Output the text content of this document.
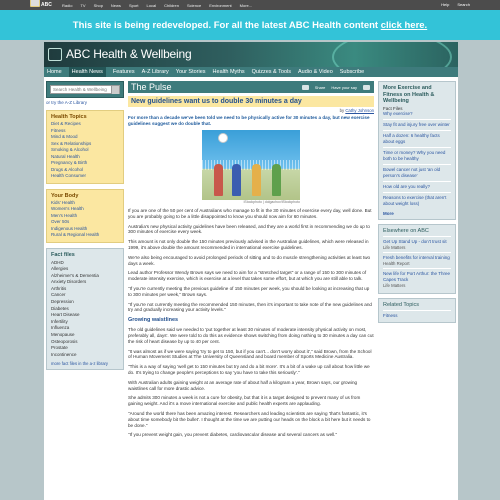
ABC	Radio TV Shop News Sport Local Children Science Environment More...	Help Search
This site is being redeveloped. For all the latest ABC Health content
click here.
ABC Health & Wellbeing
Home	Health News	Features A-Z Library Your Stories Health Myths Quizzes & Tools Audio & Video Subscribe
Search Health & Wellbeing
or try the A-Z Library
Health Topics
Diet & Recipes
Fitness
Mind & Mood
Sex & Relationships
Smoking & Alcohol
Natural Health
Pregnancy & Birth
Drugs & Alcohol
Health Consumer
Your Body
Kids' Health
Women's Health
Men's Health
Over 50s
Indigenous Health
Rural & Regional Health
Fact files
ADHD
Allergies
Alzheimer's & Dementia
Anxiety Disorders
Arthritis
Cancer
Depression
Diabetes
Heart Disease
Infertility
Influenza
Menopause
Osteoporosis
Prostate
Incontinence
more fact files in the a-z library
The Pulse	Share Have your say
New guidelines want us to double 30 minutes a day
by Cathy Johnson
For more than a decade we've been told we need to be physically active for 30 minutes a day, but new exercise guidelines suggest we do double that.
iStockphoto | dolgachov/iStockphoto

If you are one of the 50 per cent of Australians who manage to fit in the 30 minutes of exercise every day, well done. But you are probably going to be a little disappointed to know you should now aim for 60 minutes.

Australia's new physical activity guidelines have been released, and they are a world first in recommending we do up to 300 minutes of exercise every week.

This amount is not only double the 150 minutes previously advised in the Australian guidelines, which were released in 1999, it's above double the amount recommended in international exercise guidelines.

We're also being encouraged to avoid prolonged periods of sitting and to do muscle strengthening activities at least two days a week.

Lead author Professor Wendy Brown says we need to aim for a "stretched target" or a range of 150 to 300 minutes of moderate intensity exercise, which is exercise at a level that takes some effort, but at which you are still able to talk.

"If you're currently meeting the previous guideline of 150 minutes per week, you should be looking at increasing that up to 300 minutes per week," Brown says.

"If you're not currently meeting the recommended 150 minutes, then it's important to take note of the new guidelines and try and gradually increasing your activity levels."

Growing waistlines

The old guidelines said we needed to 'put together at least 30 minutes of moderate intensity physical activity on most, preferably all, days'. We were told to do this as evidence shows switching from doing nothing to 30 minutes a day can cut the risk of heart disease by up to 40 per cent.

"It was almost as if we were saying 'try to get to 150, but if you can't... don't worry about it'," said Brown, from the School of Human Movement Studies at The University of Queensland and board member of Sports Medicine Australia.

"This is a way of saying 'well get to 150 minutes but try and do a bit more'. It's a bit of a wake up call about how little we do. It's trying to change people's perceptions to say 'you have to take this seriously'."

With Australian adults gaining weight at an average rate of about half a kilogram a year, Brown says, our growing waistlines call for more drastic advice.

She admits 300 minutes a week is not a cure for obesity, but that it is a target designed to prevent many of us from gaining weight. And it's a move international exercise and public health experts are applauding.

"Around the world there has been amazing interest. Researchers and leading scientists are saying 'that's fantastic, it's about time somebody bit the bullet'. I thought at the time we are putting our heads on the block a bit here but it needs to be done."

"If you prevent weight gain, you prevent diabetes, cardiovascular disease and several cancers as well."

More Exercise and Fitness on Health & Wellbeing
Fact Files
Why exercise?
Stay fit and injury free over winter
Half a dozen: 6 healthy facts about eggs
Time or money? Why you need both to be healthy
Bowel cancer not just 'an old person's disease'
How old are you really?
Reasons to exercise (that aren't about weight loss)
More
Elsewhere on ABC
Get Up Stand Up - don't trust sit
Life Matters
Fresh benefits for interval training
Health Report
New life for Port Arthur: the Three Capes Track
Life Matters
Related Topics
Fitness
